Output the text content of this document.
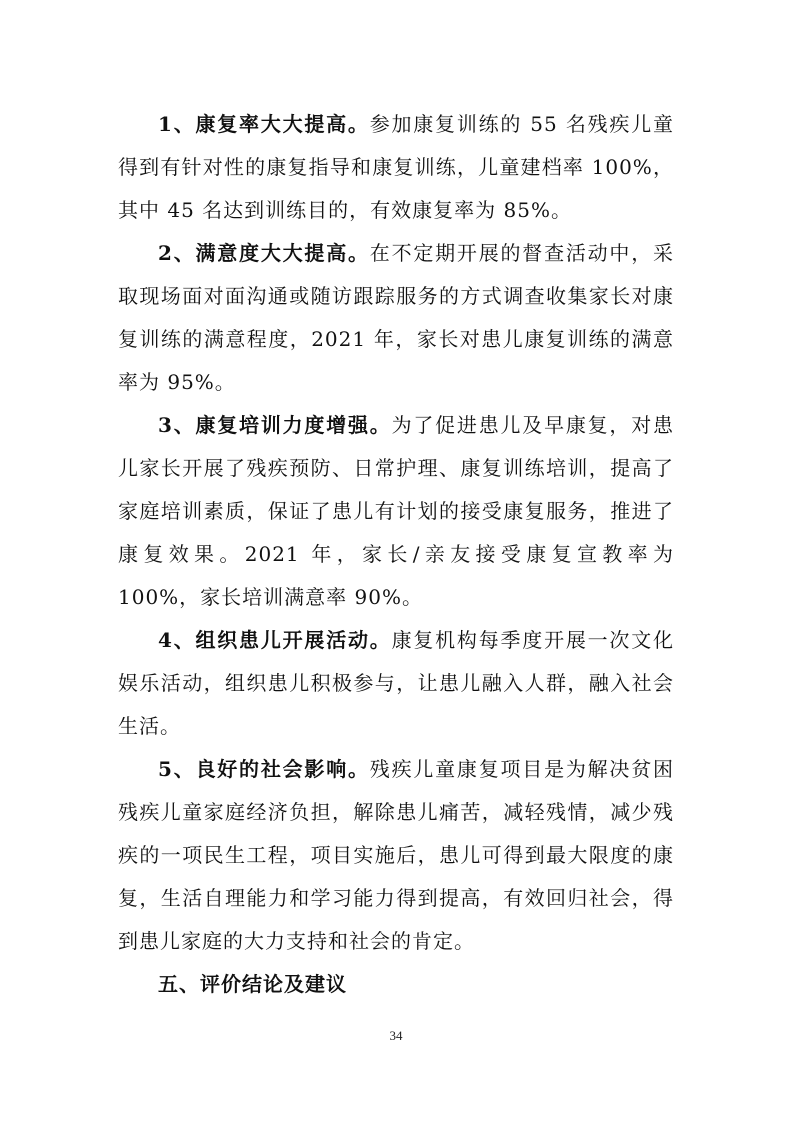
1、康复率大大提高。参加康复训练的 55 名残疾儿童得到有针对性的康复指导和康复训练，儿童建档率 100%，其中 45 名达到训练目的，有效康复率为 85%。

2、满意度大大提高。在不定期开展的督查活动中，采取现场面对面沟通或随访跟踪服务的方式调查收集家长对康复训练的满意程度，2021 年，家长对患儿康复训练的满意率为 95%。

3、康复培训力度增强。为了促进患儿及早康复，对患儿家长开展了残疾预防、日常护理、康复训练培训，提高了家庭培训素质，保证了患儿有计划的接受康复服务，推进了康复效果。2021 年，家长/亲友接受康复宣教率为 100%，家长培训满意率 90%。

4、组织患儿开展活动。康复机构每季度开展一次文化娱乐活动，组织患儿积极参与，让患儿融入人群，融入社会生活。

5、良好的社会影响。残疾儿童康复项目是为解决贫困残疾儿童家庭经济负担，解除患儿痛苦，减轻残情，减少残疾的一项民生工程，项目实施后，患儿可得到最大限度的康复，生活自理能力和学习能力得到提高，有效回归社会，得到患儿家庭的大力支持和社会的肯定。

五、评价结论及建议

34
